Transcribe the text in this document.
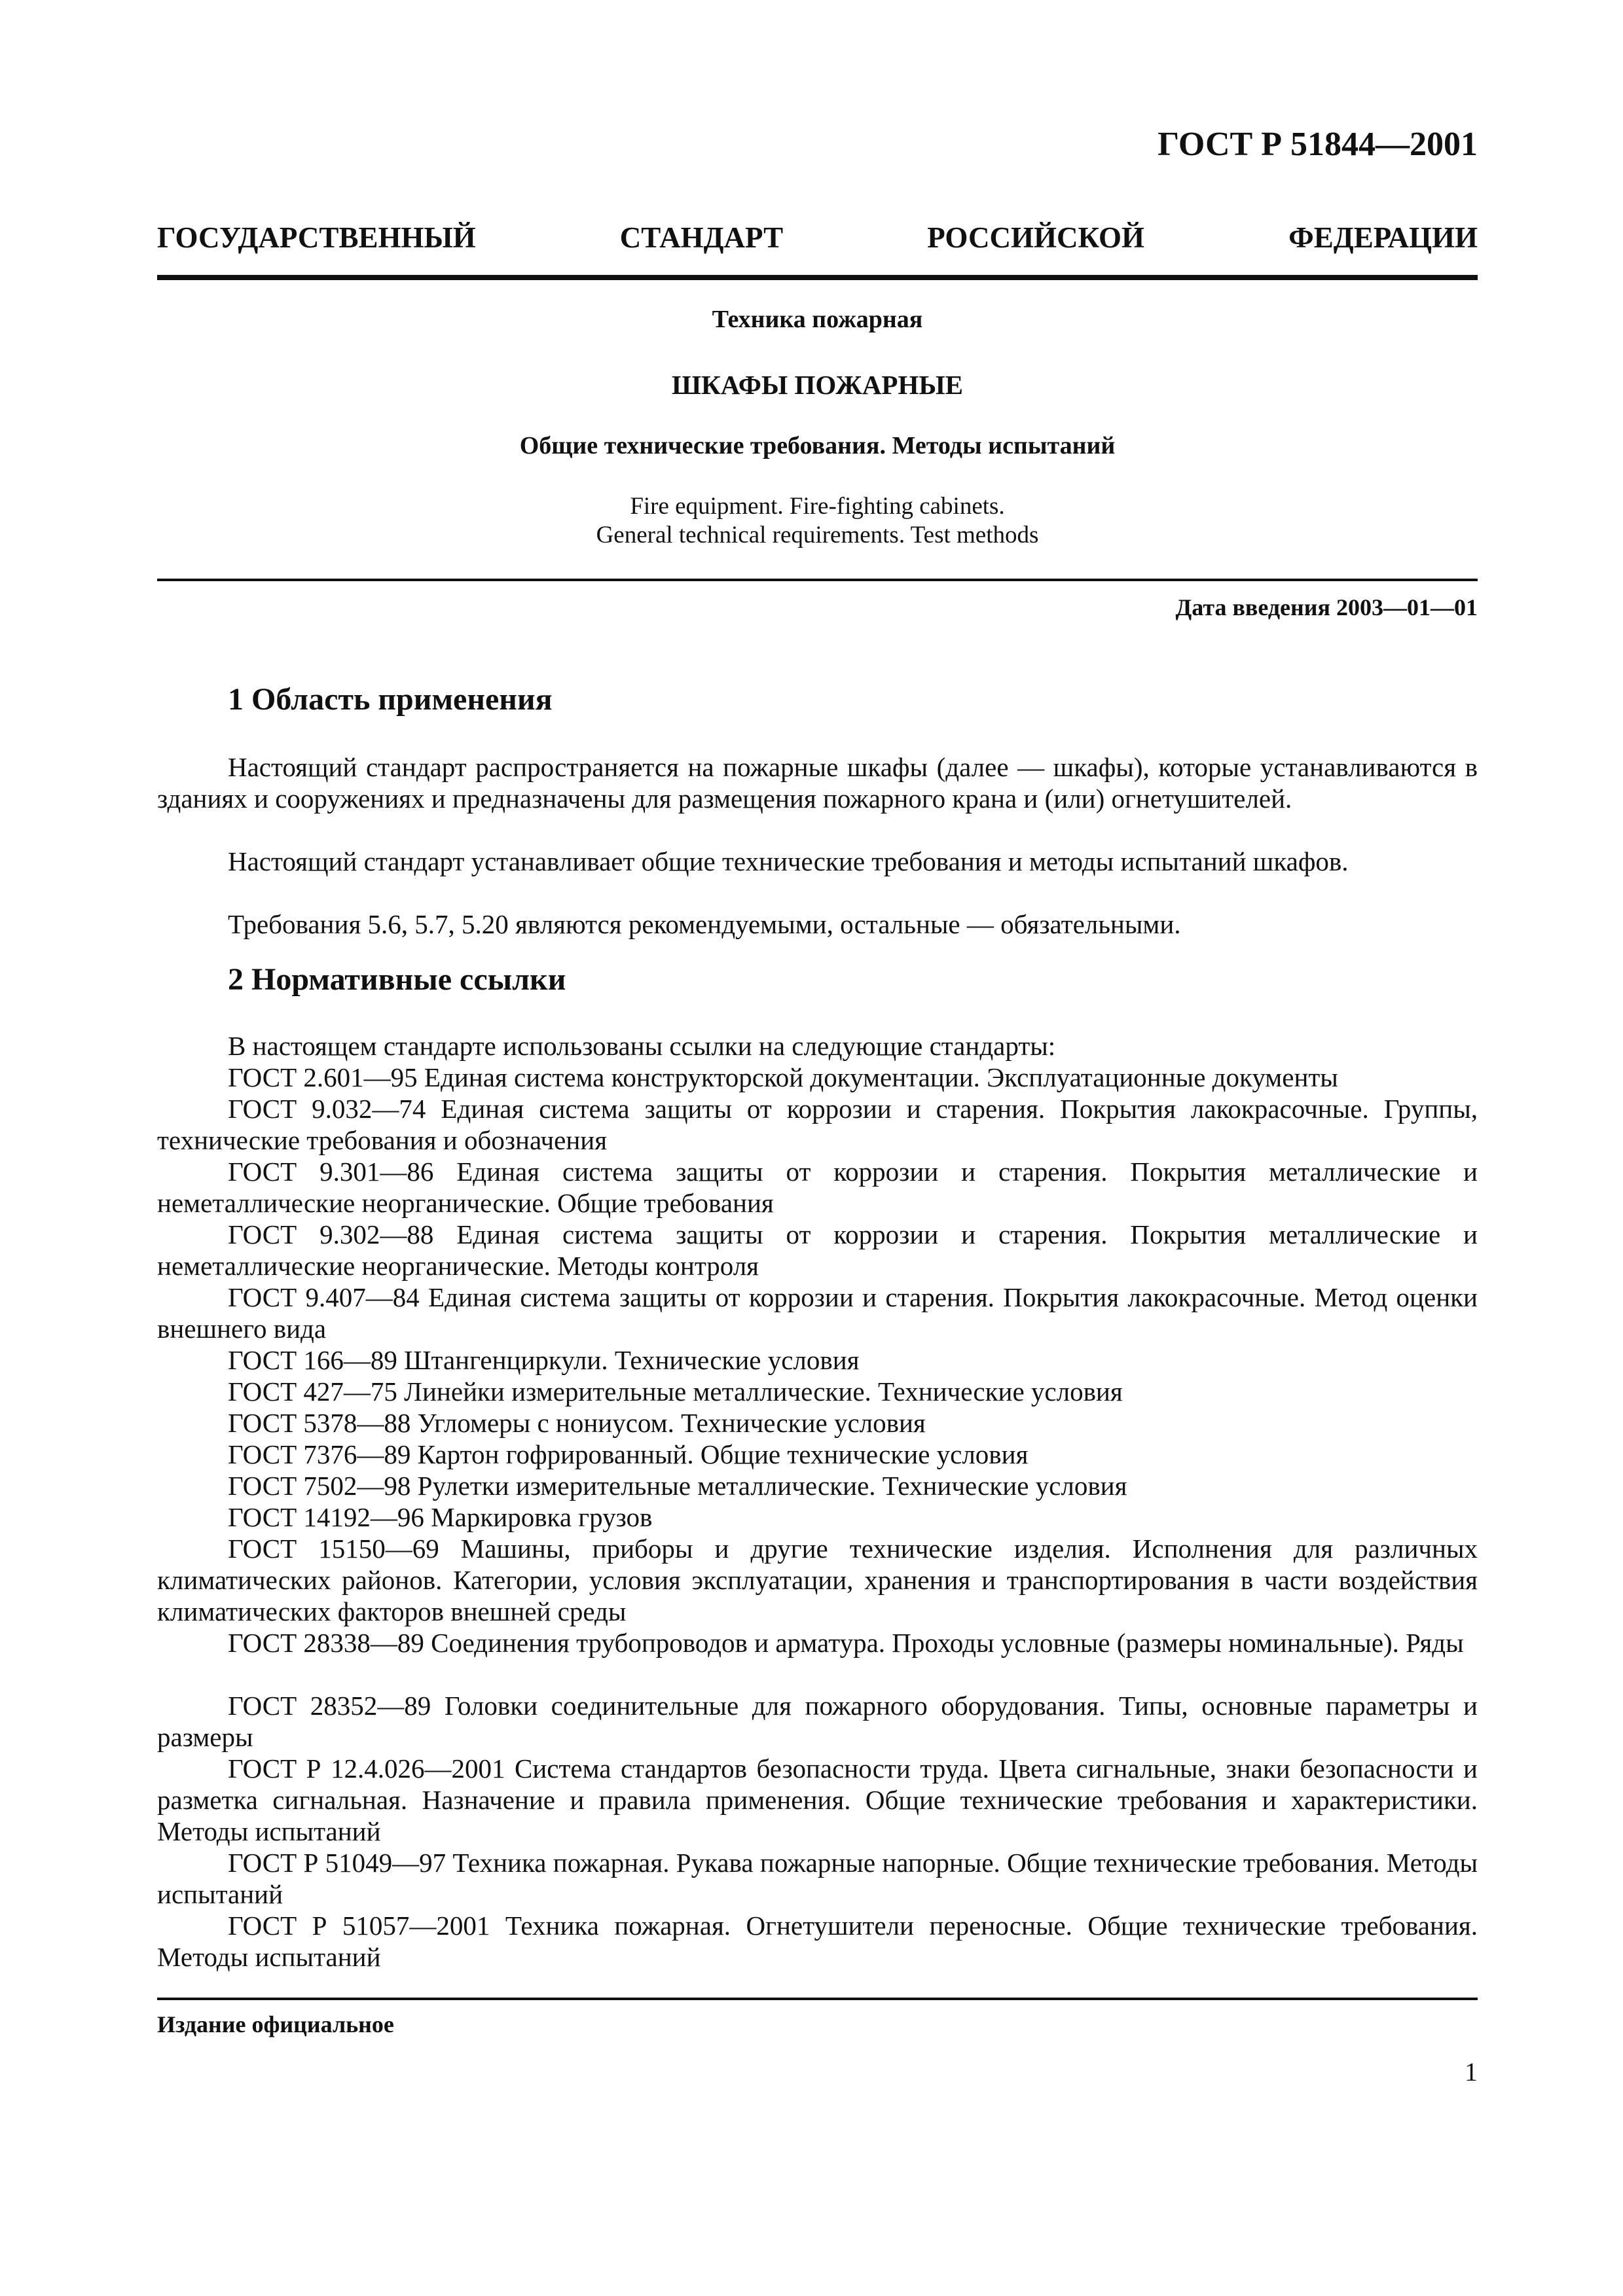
ГОСТ Р 51844—2001
ГОСУДАРСТВЕННЫЙ СТАНДАРТ РОССИЙСКОЙ ФЕДЕРАЦИИ
Техника пожарная
ШКАФЫ ПОЖАРНЫЕ
Общие технические требования. Методы испытаний
Fire equipment. Fire-fighting cabinets.
General technical requirements. Test methods
Дата введения 2003—01—01
1 Область применения

Настоящий стандарт распространяется на пожарные шкафы (далее — шкафы), которые устанавливаются в зданиях и сооружениях и предназначены для размещения пожарного крана и (или) огнетушителей.

Настоящий стандарт устанавливает общие технические требования и методы испытаний шкафов.

Требования 5.6, 5.7, 5.20 являются рекомендуемыми, остальные — обязательными.

2 Нормативные ссылки

В настоящем стандарте использованы ссылки на следующие стандарты:

ГОСТ 2.601—95 Единая система конструкторской документации. Эксплуатационные документы

ГОСТ 9.032—74 Единая система защиты от коррозии и старения. Покрытия лакокрасочные. Группы, технические требования и обозначения

ГОСТ 9.301—86 Единая система защиты от коррозии и старения. Покрытия металлические и неметаллические неорганические. Общие требования

ГОСТ 9.302—88 Единая система защиты от коррозии и старения. Покрытия металлические и неметаллические неорганические. Методы контроля

ГОСТ 9.407—84 Единая система защиты от коррозии и старения. Покрытия лакокрасочные. Метод оценки внешнего вида

ГОСТ 166—89 Штангенциркули. Технические условия

ГОСТ 427—75 Линейки измерительные металлические. Технические условия

ГОСТ 5378—88 Угломеры с нониусом. Технические условия

ГОСТ 7376—89 Картон гофрированный. Общие технические условия

ГОСТ 7502—98 Рулетки измерительные металлические. Технические условия

ГОСТ 14192—96 Маркировка грузов

ГОСТ 15150—69 Машины, приборы и другие технические изделия. Исполнения для различных климатических районов. Категории, условия эксплуатации, хранения и транспортирования в части воздействия климатических факторов внешней среды

ГОСТ 28338—89 Соединения трубопроводов и арматура. Проходы условные (размеры номинальные). Ряды

ГОСТ 28352—89 Головки соединительные для пожарного оборудования. Типы, основные параметры и размеры

ГОСТ Р 12.4.026—2001 Система стандартов безопасности труда. Цвета сигнальные, знаки безопасности и разметка сигнальная. Назначение и правила применения. Общие технические требования и характеристики. Методы испытаний

ГОСТ Р 51049—97 Техника пожарная. Рукава пожарные напорные. Общие технические требования. Методы испытаний

ГОСТ Р 51057—2001 Техника пожарная. Огнетушители переносные. Общие технические требования. Методы испытаний

Издание официальное
1
